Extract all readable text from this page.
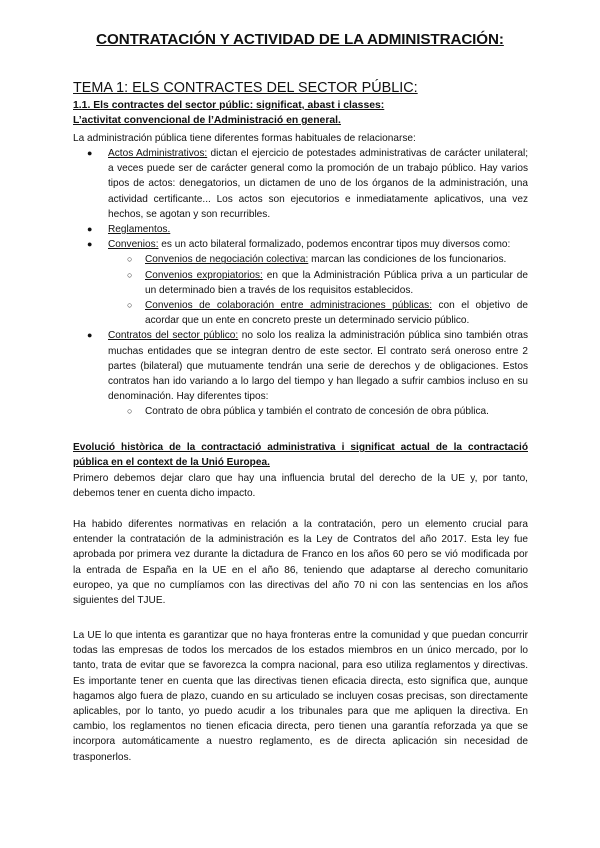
CONTRATACIÓN Y ACTIVIDAD DE LA ADMINISTRACIÓN:
TEMA 1: ELS CONTRACTES DEL SECTOR PÚBLIC:
1.1. Els contractes del sector públic: significat, abast i classes:
L’activitat convencional de l’Administració en general.
La administración pública tiene diferentes formas habituales de relacionarse:
● Actos Administrativos: dictan el ejercicio de potestades administrativas de carácter unilateral; a veces puede ser de carácter general como la promoción de un trabajo público. Hay varios tipos de actos: denegatorios, un dictamen de uno de los órganos de la administración, una actividad certificante... Los actos son ejecutorios e inmediatamente aplicativos, una vez hechos, se agotan y son recurribles.
● Reglamentos.
● Convenios: es un acto bilateral formalizado, podemos encontrar tipos muy diversos como:
○ Convenios de negociación colectiva: marcan las condiciones de los funcionarios.
○ Convenios expropiatorios: en que la Administración Pública priva a un particular de un determinado bien a través de los requisitos establecidos.
○ Convenios de colaboración entre administraciones públicas: con el objetivo de acordar que un ente en concreto preste un determinado servicio público.
● Contratos del sector público: no solo los realiza la administración pública sino también otras muchas entidades que se integran dentro de este sector. El contrato será oneroso entre 2 partes (bilateral) que mutuamente tendrán una serie de derechos y de obligaciones. Estos contratos han ido variando a lo largo del tiempo y han llegado a sufrir cambios incluso en su denominación. Hay diferentes tipos:
○ Contrato de obra pública y también el contrato de concesión de obra pública.
Evolució històrica de la contractació administrativa i significat actual de la contractació pública en el context de la Unió Europea.
Primero debemos dejar claro que hay una influencia brutal del derecho de la UE y, por tanto, debemos tener en cuenta dicho impacto.
Ha habido diferentes normativas en relación a la contratación, pero un elemento crucial para entender la contratación de la administración es la Ley de Contratos del año 2017. Esta ley fue aprobada por primera vez durante la dictadura de Franco en los años 60 pero se vió modificada por la entrada de España en la UE en el año 86, teniendo que adaptarse al derecho comunitario europeo, ya que no cumplíamos con las directivas del año 70 ni con las sentencias en los años siguientes del TJUE.
La UE lo que intenta es garantizar que no haya fronteras entre la comunidad y que puedan concurrir todas las empresas de todos los mercados de los estados miembros en un único mercado, por lo tanto, trata de evitar que se favorezca la compra nacional, para eso utiliza reglamentos y directivas. Es importante tener en cuenta que las directivas tienen eficacia directa, esto significa que, aunque hagamos algo fuera de plazo, cuando en su articulado se incluyen cosas precisas, son directamente aplicables, por lo tanto, yo puedo acudir a los tribunales para que me apliquen la directiva. En cambio, los reglamentos no tienen eficacia directa, pero tienen una garantía reforzada ya que se incorpora automáticamente a nuestro reglamento, es de directa aplicación sin necesidad de trasponerlos.
